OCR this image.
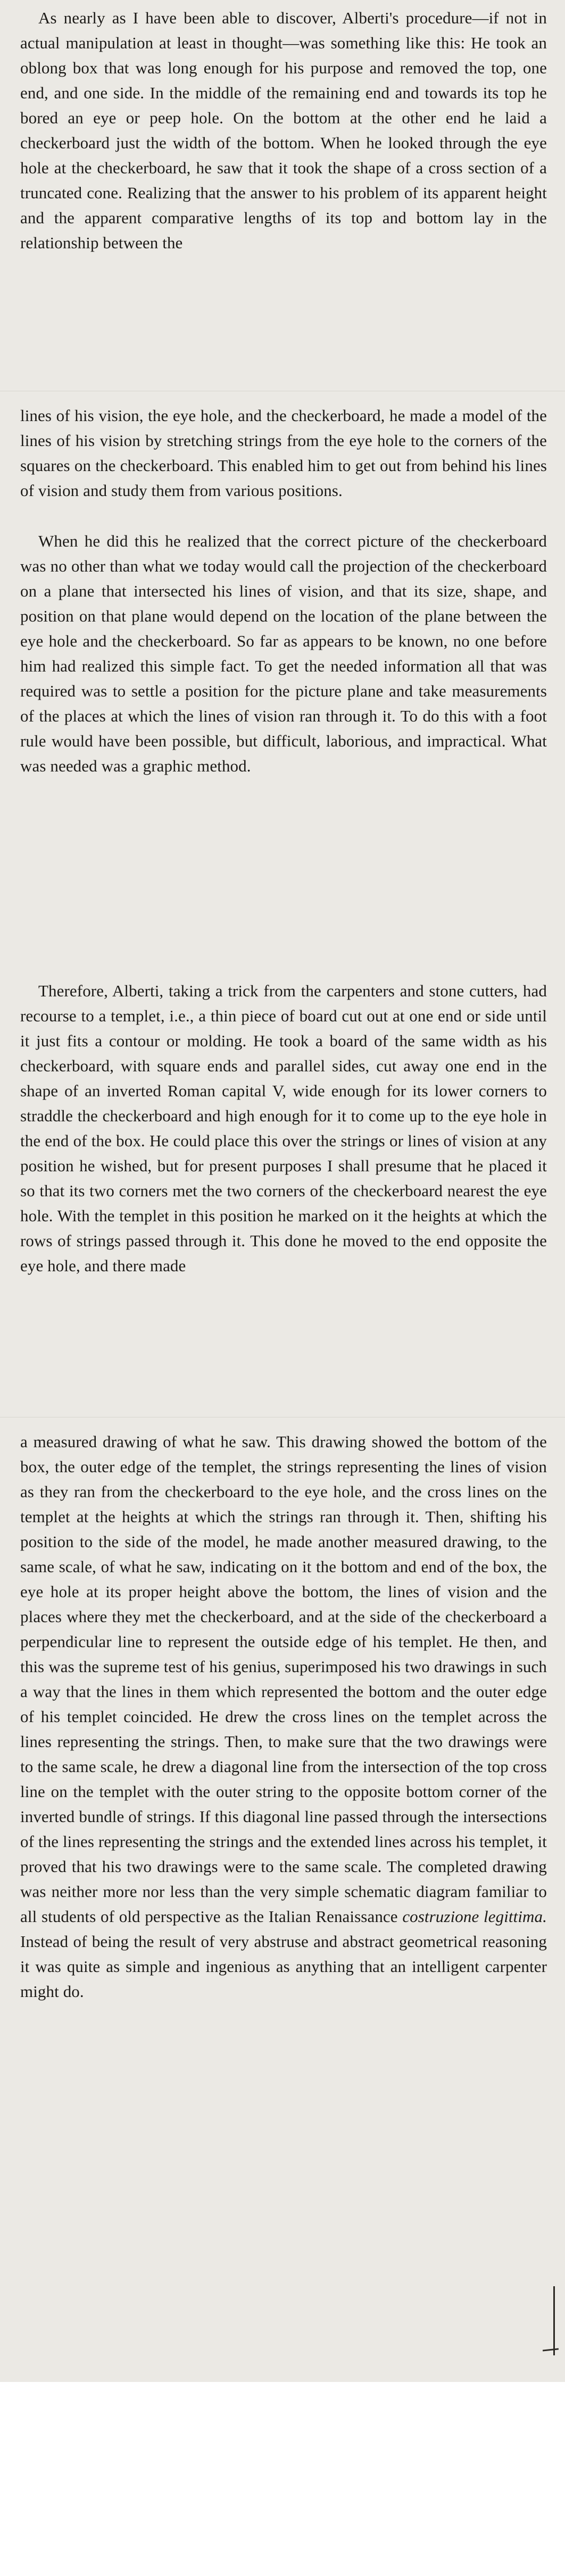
As nearly as I have been able to discover, Alberti's procedure—if not in actual manipulation at least in thought—was something like this: He took an oblong box that was long enough for his purpose and removed the top, one end, and one side. In the middle of the remaining end and towards its top he bored an eye or peep hole. On the bottom at the other end he laid a checkerboard just the width of the bottom. When he looked through the eye hole at the checkerboard, he saw that it took the shape of a cross section of a truncated cone. Realizing that the answer to his problem of its apparent height and the apparent comparative lengths of its top and bottom lay in the relationship between the

lines of his vision, the eye hole, and the checkerboard, he made a model of the lines of his vision by stretching strings from the eye hole to the corners of the squares on the checkerboard. This enabled him to get out from behind his lines of vision and study them from various positions.

When he did this he realized that the correct picture of the checkerboard was no other than what we today would call the projection of the checkerboard on a plane that intersected his lines of vision, and that its size, shape, and position on that plane would depend on the location of the plane between the eye hole and the checkerboard. So far as appears to be known, no one before him had realized this simple fact. To get the needed information all that was required was to settle a position for the picture plane and take measurements of the places at which the lines of vision ran through it. To do this with a foot rule would have been possible, but difficult, laborious, and impractical. What was needed was a graphic method.

Therefore, Alberti, taking a trick from the carpenters and stone cutters, had recourse to a templet, i.e., a thin piece of board cut out at one end or side until it just fits a contour or molding. He took a board of the same width as his checkerboard, with square ends and parallel sides, cut away one end in the shape of an inverted Roman capital V, wide enough for its lower corners to straddle the checkerboard and high enough for it to come up to the eye hole in the end of the box. He could place this over the strings or lines of vision at any position he wished, but for present purposes I shall presume that he placed it so that its two corners met the two corners of the checkerboard nearest the eye hole. With the templet in this position he marked on it the heights at which the rows of strings passed through it. This done he moved to the end opposite the eye hole, and there made

a measured drawing of what he saw. This drawing showed the bottom of the box, the outer edge of the templet, the strings representing the lines of vision as they ran from the checkerboard to the eye hole, and the cross lines on the templet at the heights at which the strings ran through it. Then, shifting his position to the side of the model, he made another measured drawing, to the same scale, of what he saw, indicating on it the bottom and end of the box, the eye hole at its proper height above the bottom, the lines of vision and the places where they met the checkerboard, and at the side of the checkerboard a perpendicular line to represent the outside edge of his templet. He then, and this was the supreme test of his genius, superimposed his two drawings in such a way that the lines in them which represented the bottom and the outer edge of his templet coincided. He drew the cross lines on the templet across the lines representing the strings. Then, to make sure that the two drawings were to the same scale, he drew a diagonal line from the intersection of the top cross line on the templet with the outer string to the opposite bottom corner of the inverted bundle of strings. If this diagonal line passed through the intersections of the lines representing the strings and the extended lines across his templet, it proved that his two drawings were to the same scale. The completed drawing was neither more nor less than the very simple schematic diagram familiar to all students of old perspective as the Italian Renaissance costruzione legittima. Instead of being the result of very abstruse and abstract geometrical reasoning it was quite as simple and ingenious as anything that an intelligent carpenter might do.
